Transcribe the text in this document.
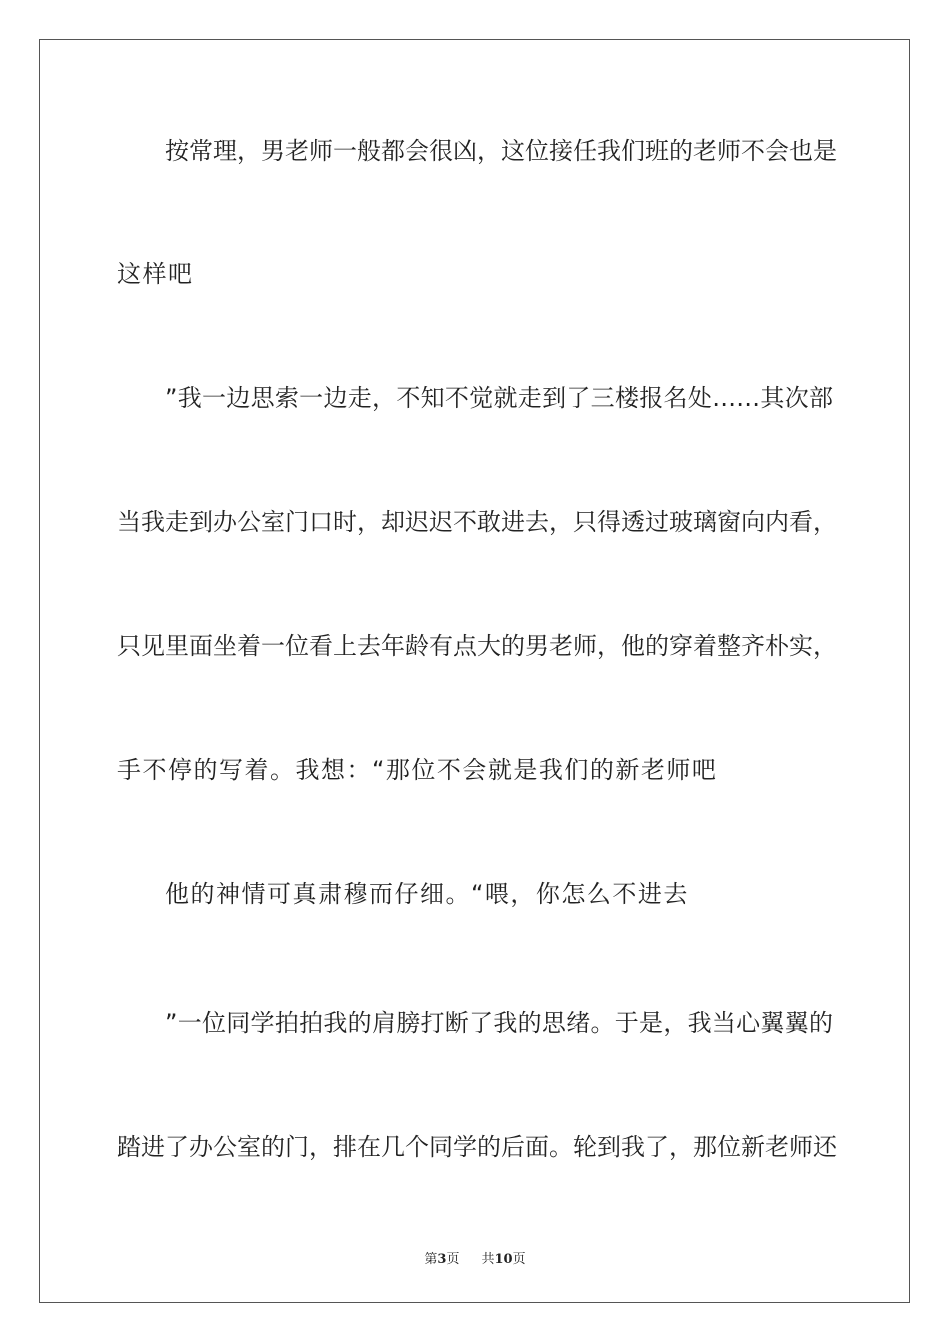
按常理，男老师一般都会很凶，这位接任我们班的老师不会也是
这样吧
”我一边思索一边走，不知不觉就走到了三楼报名处……其次部
当我走到办公室门口时，却迟迟不敢进去，只得透过玻璃窗向内看，
只见里面坐着一位看上去年龄有点大的男老师，他的穿着整齐朴实，
手不停的写着。我想：“那位不会就是我们的新老师吧
他的神情可真肃穆而仔细。“喂，你怎么不进去
”一位同学拍拍我的肩膀打断了我的思绪。于是，我当心翼翼的
踏进了办公室的门，排在几个同学的后面。轮到我了，那位新老师还
第3页 共10页
